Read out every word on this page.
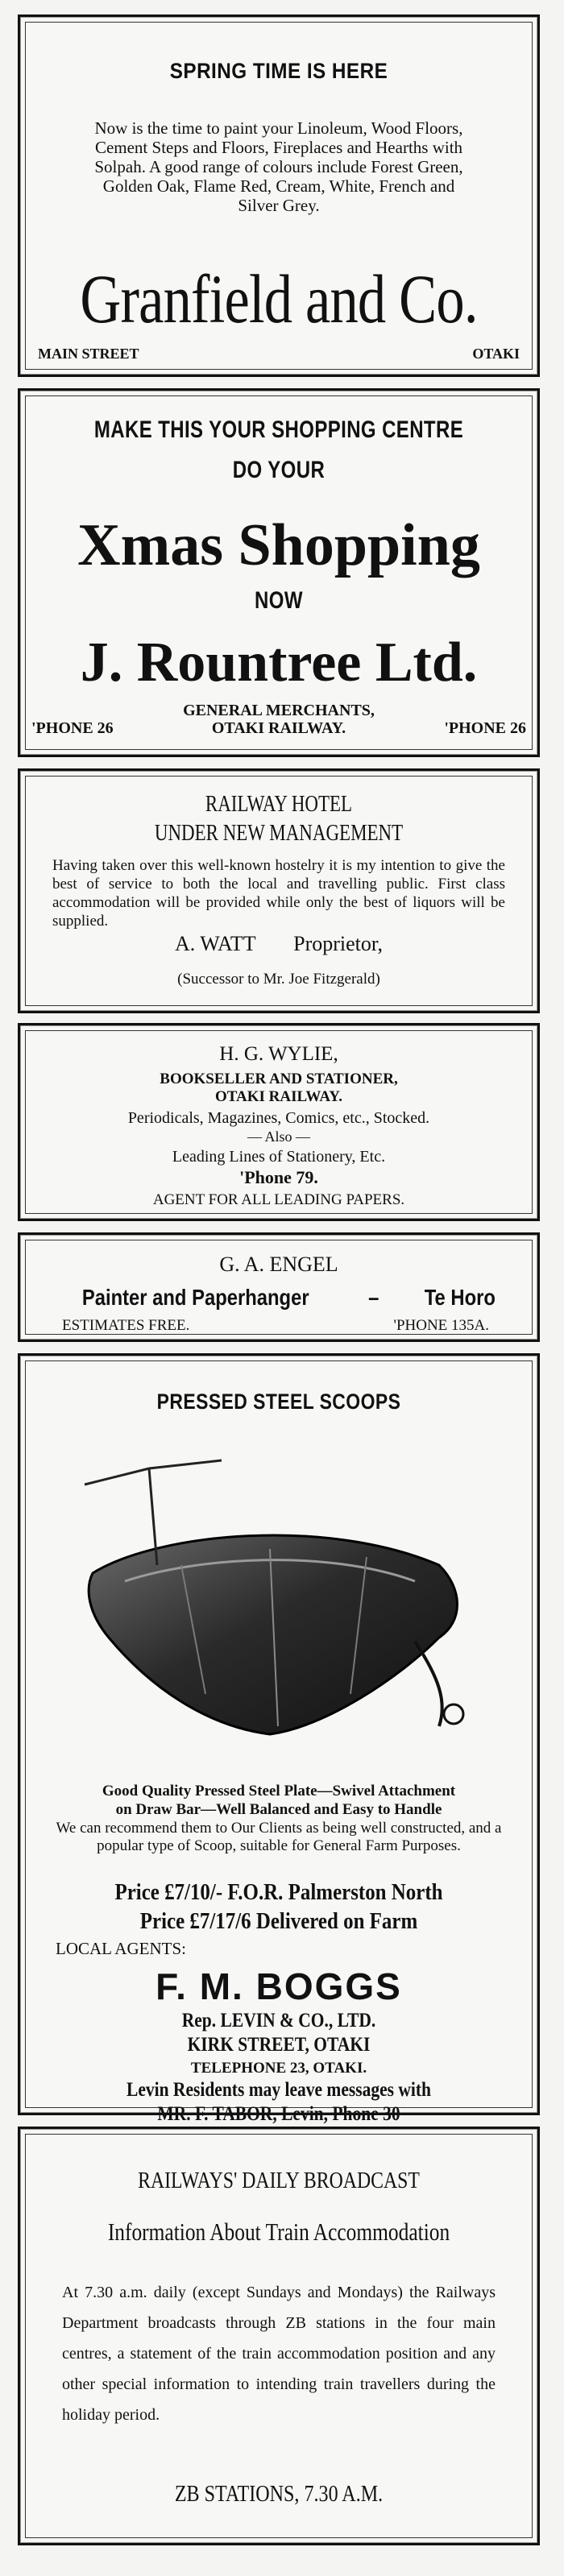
SPRING TIME IS HERE
Now is the time to paint your Linoleum, Wood Floors, Cement Steps and Floors, Fireplaces and Hearths with Solpah. A good range of colours include Forest Green, Golden Oak, Flame Red, Cream, White, French and Silver Grey.
Granfield and Co.
MAIN STREET	OTAKI
MAKE THIS YOUR SHOPPING CENTRE
DO YOUR
Xmas Shopping
NOW
J. Rountree Ltd.
GENERAL MERCHANTS,
'PHONE 26	OTAKI RAILWAY.	'PHONE 26
RAILWAY HOTEL
UNDER NEW MANAGEMENT
Having taken over this well-known hostelry it is my intention to give the best of service to both the local and travelling public. First class accommodation will be provided while only the best of liquors will be supplied.
A. WATT Proprietor,
(Successor to Mr. Joe Fitzgerald)
H. G. WYLIE,
BOOKSELLER AND STATIONER,
OTAKI RAILWAY.
Periodicals, Magazines, Comics, etc., Stocked.
— Also —
Leading Lines of Stationery, Etc.
'Phone 79.
AGENT FOR ALL LEADING PAPERS.
G. A. ENGEL
Painter and Paperhanger	– Te Horo
ESTIMATES FREE.	'PHONE 135A.
PRESSED STEEL SCOOPS
Good Quality Pressed Steel Plate—Swivel Attachment
on Draw Bar—Well Balanced and Easy to Handle
We can recommend them to Our Clients as being well constructed, and a popular type of Scoop, suitable for General Farm Purposes.
Price £7/10/- F.O.R. Palmerston North
Price £7/17/6 Delivered on Farm
LOCAL AGENTS:
F. M. BOGGS
Rep. LEVIN & CO., LTD.
KIRK STREET, OTAKI
TELEPHONE 23, OTAKI.
Levin Residents may leave messages with
MR. F. TABOR, Levin, Phone 30
RAILWAYS' DAILY BROADCAST
Information About Train Accommodation
At 7.30 a.m. daily (except Sundays and Mondays) the Railways Department broadcasts through ZB stations in the four main centres, a statement of the train accommodation position and any other special information to intending train travellers during the holiday period.
ZB STATIONS, 7.30 A.M.
